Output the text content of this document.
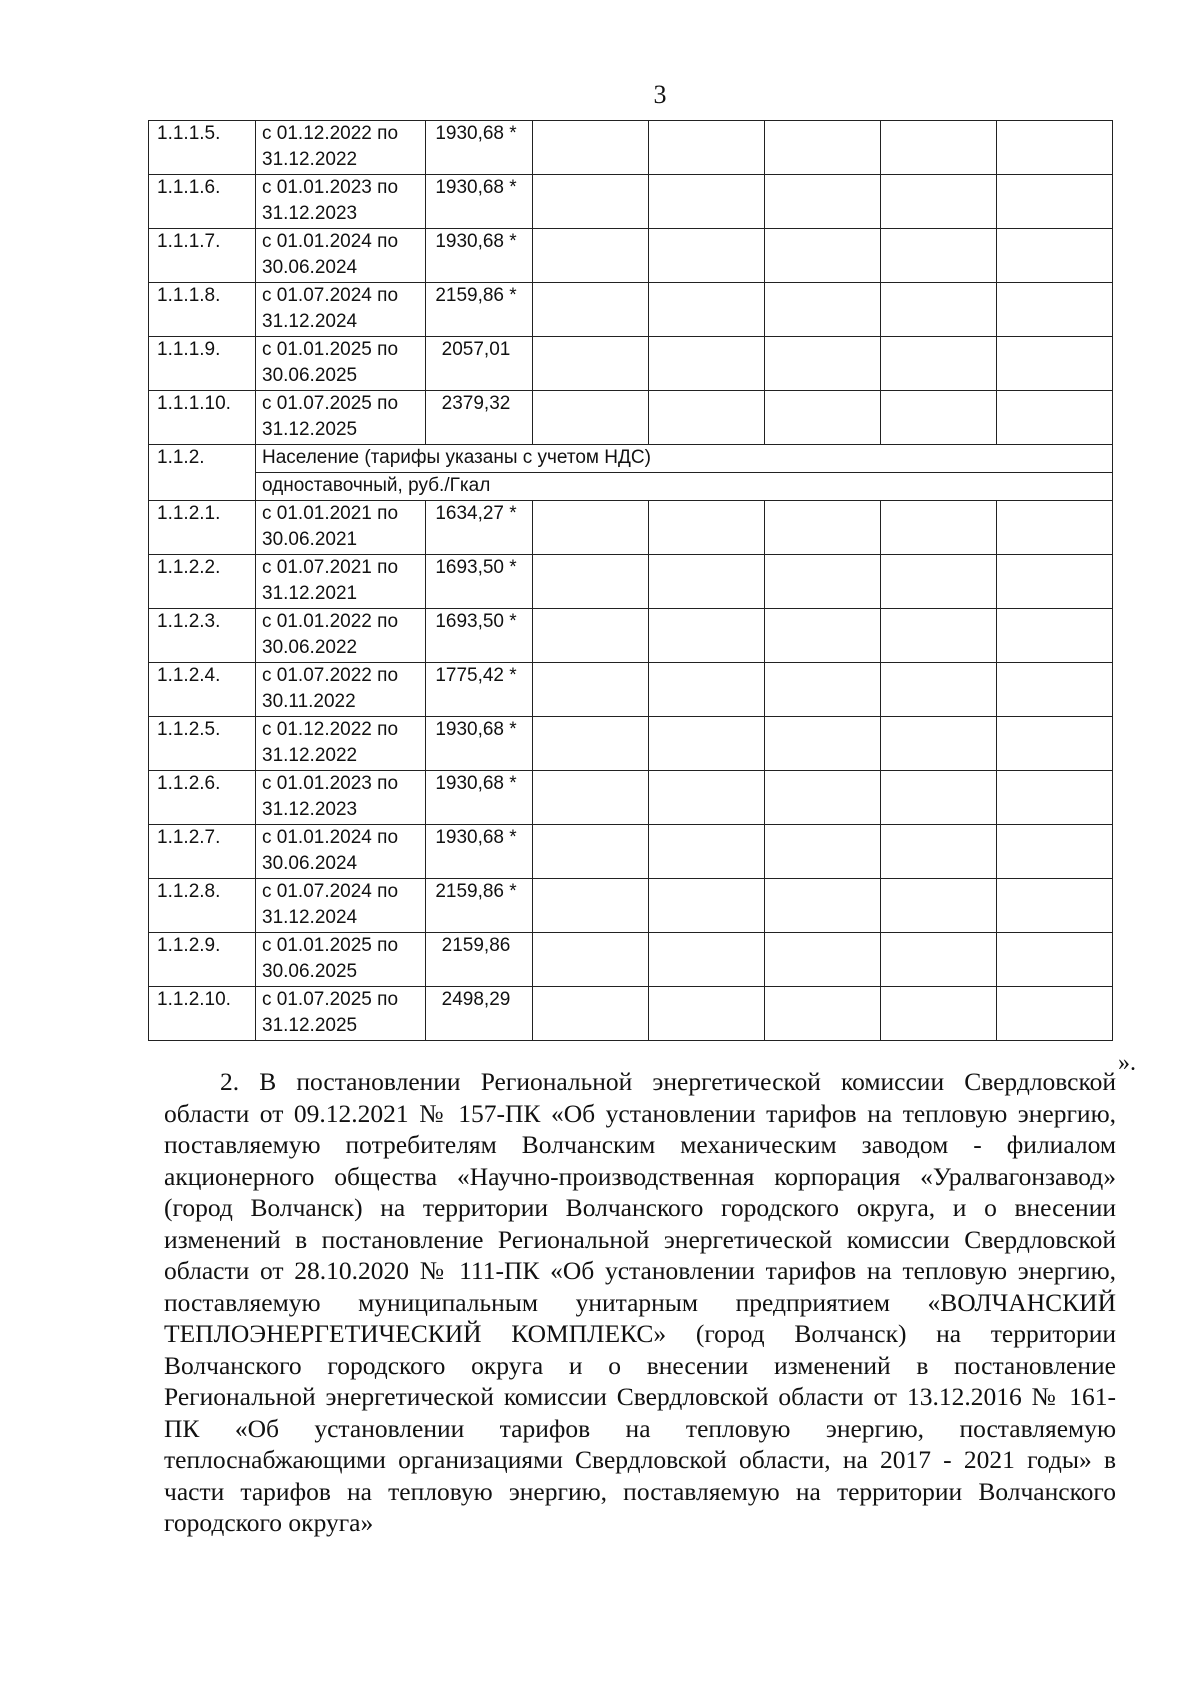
3
1.1.1.5.	с 01.12.2022 по 31.12.2022	1930,68 *					
1.1.1.6.	с 01.01.2023 по 31.12.2023	1930,68 *					
1.1.1.7.	с 01.01.2024 по 30.06.2024	1930,68 *					
1.1.1.8.	с 01.07.2024 по 31.12.2024	2159,86 *					
1.1.1.9.	с 01.01.2025 по 30.06.2025	2057,01					
1.1.1.10.	с 01.07.2025 по 31.12.2025	2379,32					
1.1.2.	Население (тарифы указаны с учетом НДС)						
	одноставочный, руб./Гкал						
1.1.2.1.	с 01.01.2021 по 30.06.2021	1634,27 *					
1.1.2.2.	с 01.07.2021 по 31.12.2021	1693,50 *					
1.1.2.3.	с 01.01.2022 по 30.06.2022	1693,50 *					
1.1.2.4.	с 01.07.2022 по 30.11.2022	1775,42 *					
1.1.2.5.	с 01.12.2022 по 31.12.2022	1930,68 *					
1.1.2.6.	с 01.01.2023 по 31.12.2023	1930,68 *					
1.1.2.7.	с 01.01.2024 по 30.06.2024	1930,68 *					
1.1.2.8.	с 01.07.2024 по 31.12.2024	2159,86 *					
1.1.2.9.	с 01.01.2025 по 30.06.2025	2159,86					
1.1.2.10.	с 01.07.2025 по 31.12.2025	2498,29					
».

2. В постановлении Региональной энергетической комиссии Свердловской области от 09.12.2021 № 157-ПК «Об установлении тарифов на тепловую энергию, поставляемую потребителям Волчанским механическим заводом - филиалом акционерного общества «Научно-производственная корпорация «Уралвагонзавод» (город Волчанск) на территории Волчанского городского округа, и о внесении изменений в постановление Региональной энергетической комиссии Свердловской области от 28.10.2020 № 111-ПК «Об установлении тарифов на тепловую энергию, поставляемую муниципальным унитарным предприятием «ВОЛЧАНСКИЙ ТЕПЛОЭНЕРГЕТИЧЕСКИЙ КОМПЛЕКС» (город Волчанск) на территории Волчанского городского округа и о внесении изменений в постановление Региональной энергетической комиссии Свердловской области от 13.12.2016 № 161-ПК «Об установлении тарифов на тепловую энергию, поставляемую теплоснабжающими организациями Свердловской области, на 2017 - 2021 годы» в части тарифов на тепловую энергию, поставляемую на территории Волчанского городского округа»
